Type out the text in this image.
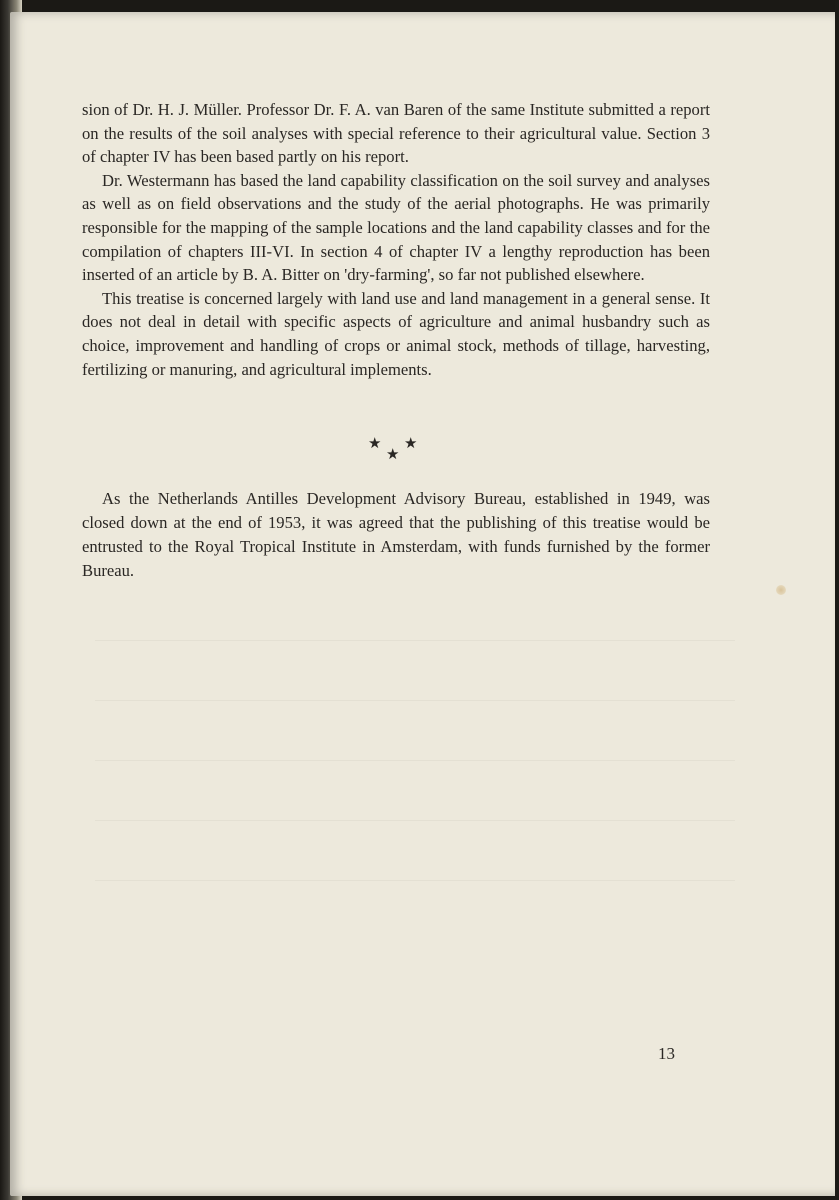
sion of Dr. H. J. Müller. Professor Dr. F. A. van Baren of the same Institute submitted a report on the results of the soil analyses with special reference to their agricultural value. Section 3 of chapter IV has been based partly on his report.

Dr. Westermann has based the land capability classification on the soil survey and analyses as well as on field observations and the study of the aerial photographs. He was primarily responsible for the mapping of the sample locations and the land capability classes and for the compilation of chapters III-VI. In section 4 of chapter IV a lengthy reproduction has been inserted of an article by B. A. Bitter on 'dry-farming', so far not published elsewhere.

This treatise is concerned largely with land use and land management in a general sense. It does not deal in detail with specific aspects of agriculture and animal husbandry such as choice, improvement and handling of crops or animal stock, methods of tillage, harvesting, fertilizing or manuring, and agricultural implements.

★ ★
★

As the Netherlands Antilles Development Advisory Bureau, established in 1949, was closed down at the end of 1953, it was agreed that the publishing of this treatise would be entrusted to the Royal Tropical Institute in Amsterdam, with funds furnished by the former Bureau.

13
